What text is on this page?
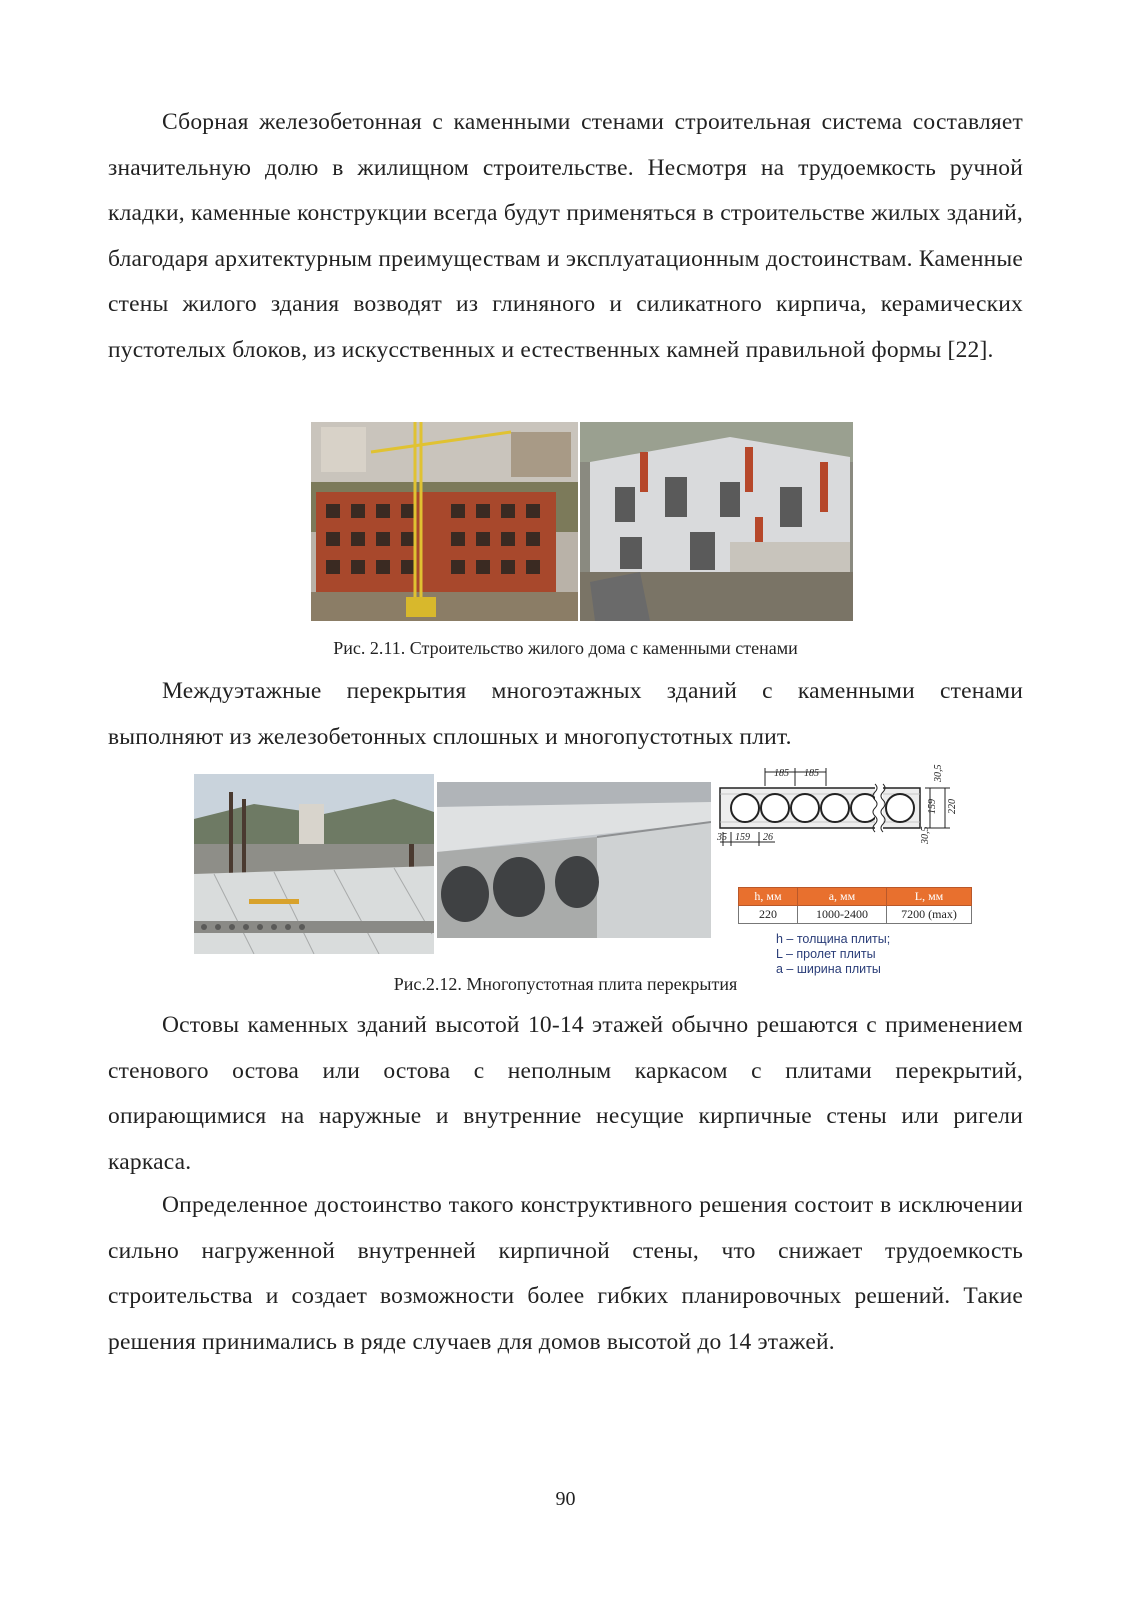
Сборная железобетонная с каменными стенами строительная система составляет значительную долю в жилищном строительстве. Несмотря на трудоемкость ручной кладки, каменные конструкции всегда будут применяться в строительстве жилых зданий, благодаря архитектурным преимуществам и эксплуатационным достоинствам. Каменные стены жилого здания возводят из глиняного и силикатного кирпича, керамических пустотелых блоков, из искусственных и естественных камней правильной формы [22].

Рис. 2.11. Строительство жилого дома с каменными стенами

Междуэтажные перекрытия многоэтажных зданий с каменными стенами выполняют из железобетонных сплошных и многопустотных плит.

185 185	30,5
159 220
30,5
35 159 26
h, мм	a, мм	L, мм
220	1000-2400	7200 (max)
h – толщина плиты;
L – пролет плиты
a – ширина плиты

Рис.2.12. Многопустотная плита перекрытия

Остовы каменных зданий высотой 10-14 этажей обычно решаются с применением стенового остова или остова с неполным каркасом с плитами перекрытий, опирающимися на наружные и внутренние несущие кирпичные стены или ригели каркаса.

Определенное достоинство такого конструктивного решения состоит в исключении сильно нагруженной внутренней кирпичной стены, что снижает трудоемкость строительства и создает возможности более гибких планировочных решений. Такие решения принимались в ряде случаев для домов высотой до 14 этажей.

90
